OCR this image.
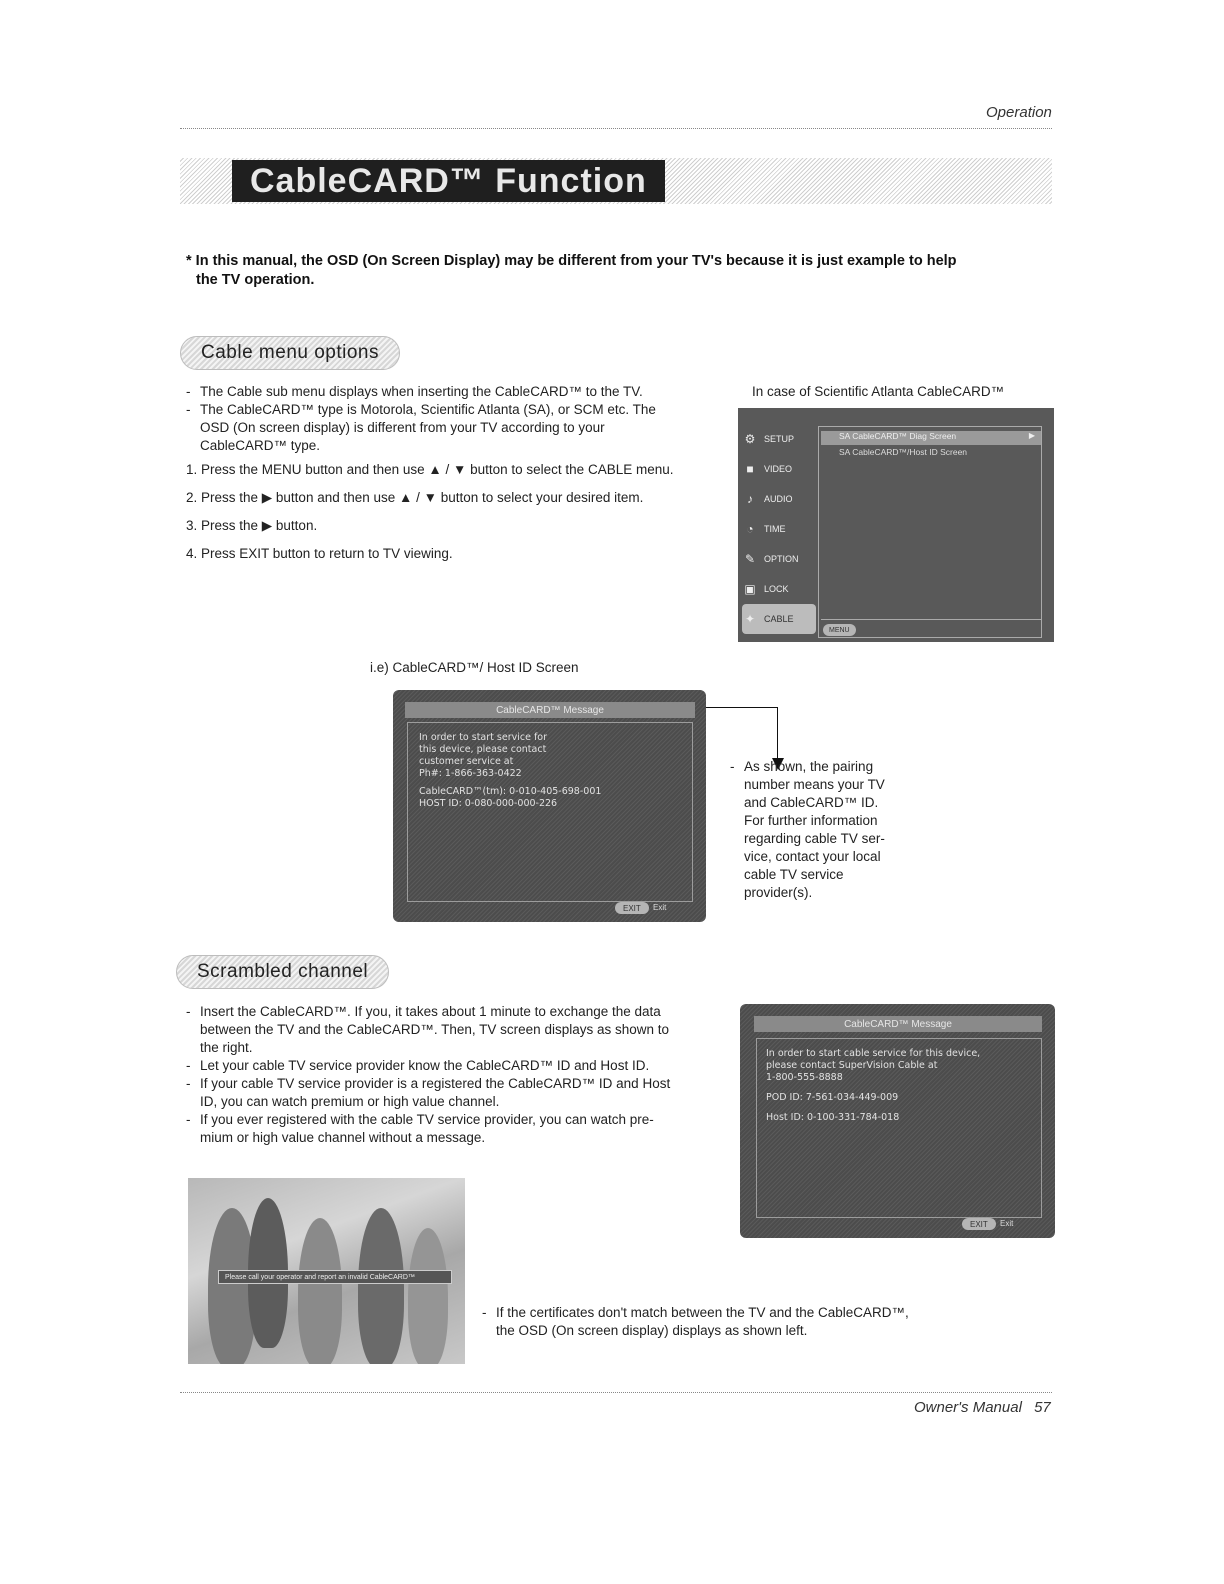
Operation
CableCARD™ Function
* In this manual, the OSD (On Screen Display) may be different from your TV's because it is just example to help
the TV operation.
Cable menu options
- The Cable sub menu displays when inserting the CableCARD™ to the TV.
- The CableCARD™ type is Motorola, Scientific Atlanta (SA), or SCM etc. The
OSD (On screen display) is different from your TV according to your
CableCARD™ type.
1. Press the MENU button and then use ▲ / ▼ button to select the CABLE menu.
2. Press the ▶ button and then use ▲ / ▼ button to select your desired item.
3. Press the ▶ button.
4. Press EXIT button to return to TV viewing.
In case of Scientific Atlanta CableCARD™
⚙ SETUP
■	VIDEO
♪	AUDIO
◔	TIME
✎ OPTION
▣ LOCK
✦ CABLE
SA CableCARD™ Diag Screen	▶
SA CableCARD™/Host ID Screen
MENU
i.e) CableCARD™/ Host ID Screen
CableCARD™ Message
In order to start service for
this device, please contact
customer service at
Ph#: 1-866-363-0422
CableCARD™(tm): 0-010-405-698-001
HOST ID: 0-080-000-000-226
EXIT	Exit
- As shown, the pairing
number means your TV
and CableCARD™ ID.
For further information
regarding cable TV ser-
vice, contact your local
cable TV service
provider(s).
Scrambled channel
- Insert the CableCARD™. If you, it takes about 1 minute to exchange the data
between the TV and the CableCARD™. Then, TV screen displays as shown to
the right.
- Let your cable TV service provider know the CableCARD™ ID and Host ID.
- If your cable TV service provider is a registered the CableCARD™ ID and Host
ID, you can watch premium or high value channel.
- If you ever registered with the cable TV service provider, you can watch pre-
mium or high value channel without a message.
CableCARD™ Message
In order to start cable service for this device,
please contact SuperVision Cable at
1-800-555-8888
POD ID: 7-561-034-449-009
Host ID: 0-100-331-784-018
EXIT	Exit
Please call your operator and report an invalid CableCARD™
- If the certificates don't match between the TV and the CableCARD™,
the OSD (On screen display) displays as shown left.
Owner's Manual 57
